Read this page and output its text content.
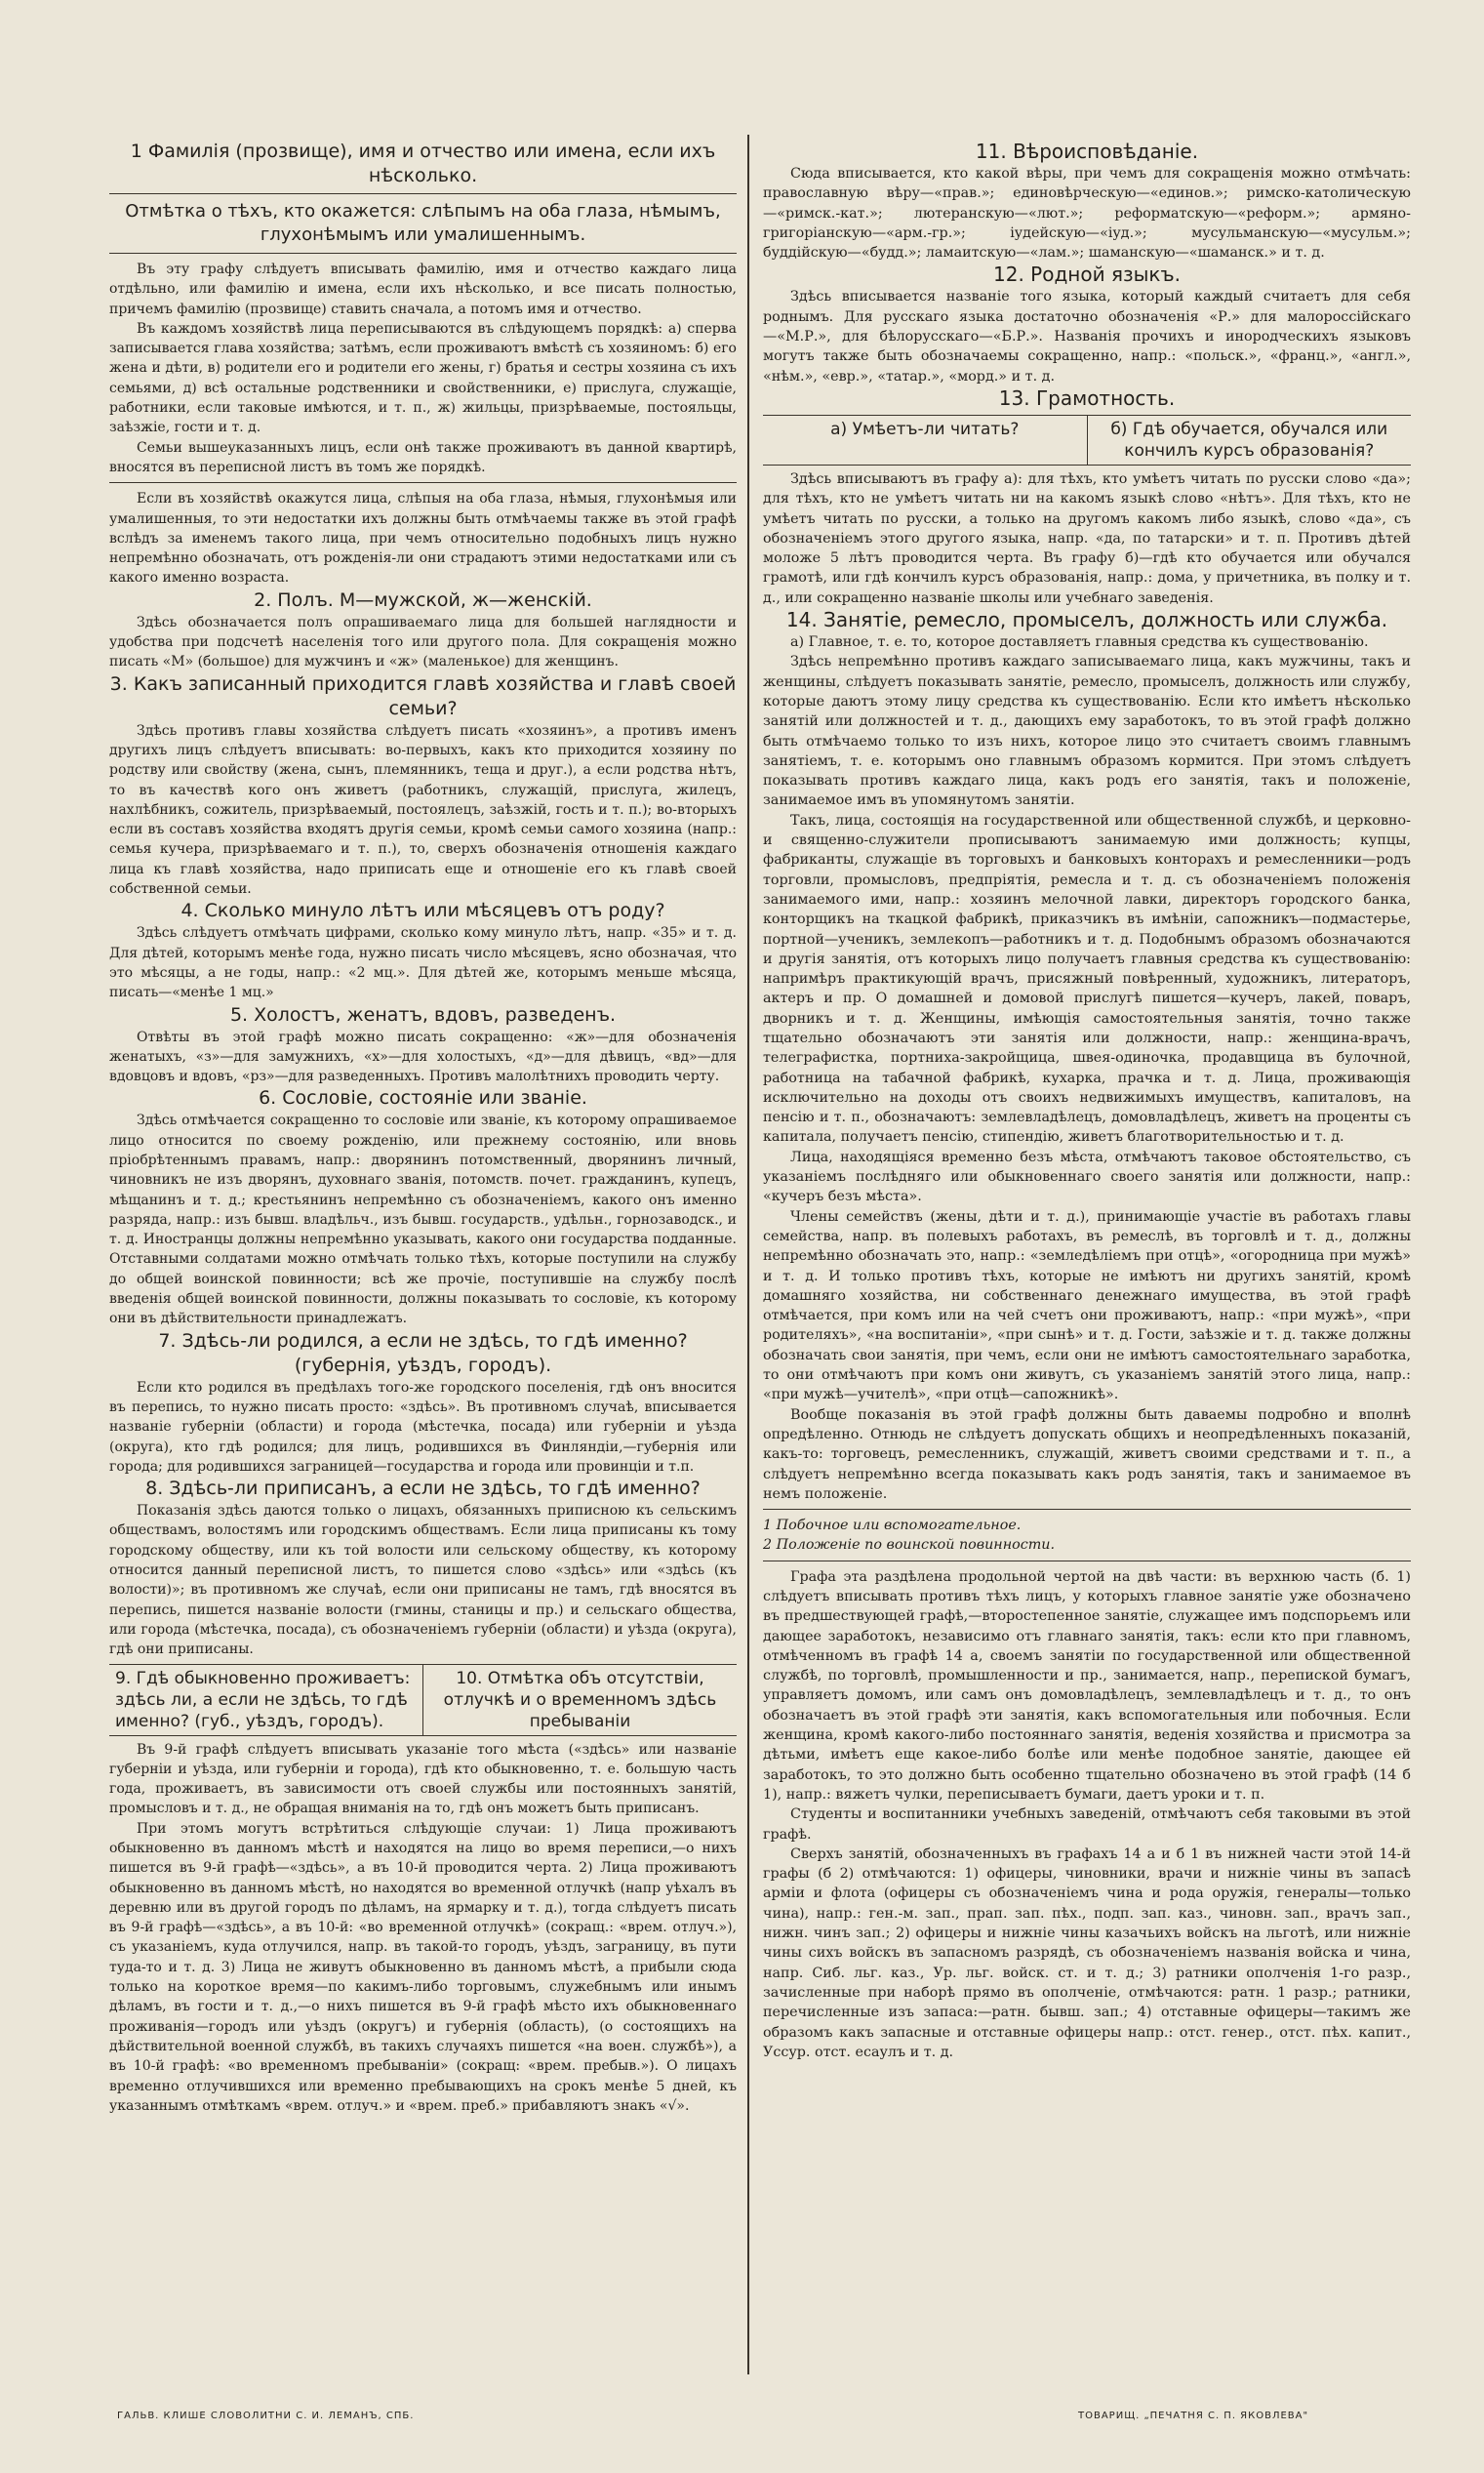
1 Фамилія (прозвище), имя и отчество или имена, если ихъ нѣсколько.
Отмѣтка о тѣхъ, кто окажется: слѣпымъ на оба глаза, нѣмымъ, глухонѣмымъ или умалишеннымъ.

Въ эту графу слѣдуетъ вписывать фамилію, имя и отчество каждаго лица отдѣльно, или фамилію и имена, если ихъ нѣсколько, и все писать полностью, причемъ фамилію (прозвище) ставить сначала, а потомъ имя и отчество.

Въ каждомъ хозяйствѣ лица переписываются въ слѣдующемъ порядкѣ: а) сперва записывается глава хозяйства; затѣмъ, если проживаютъ вмѣстѣ съ хозяиномъ: б) его жена и дѣти, в) родители его и родители его жены, г) братья и сестры хозяина съ ихъ семьями, д) всѣ остальные родственники и свойственники, е) прислуга, служащіе, работники, если таковые имѣются, и т. п., ж) жильцы, призрѣваемые, постояльцы, заѣзжіе, гости и т. д.

Семьи вышеуказанныхъ лицъ, если онѣ также проживаютъ въ данной квартирѣ, вносятся въ переписной листъ въ томъ же порядкѣ.

Если въ хозяйствѣ окажутся лица, слѣпыя на оба глаза, нѣмыя, глухонѣмыя или умалишенныя, то эти недостатки ихъ должны быть отмѣчаемы также въ этой графѣ вслѣдъ за именемъ такого лица, при чемъ относительно подобныхъ лицъ нужно непремѣнно обозначать, отъ рожденія-ли они страдаютъ этими недостатками или съ какого именно возраста.

2. Полъ. М—мужской, ж—женскій.

Здѣсь обозначается полъ опрашиваемаго лица для большей наглядности и удобства при подсчетѣ населенія того или другого пола. Для сокращенія можно писать «М» (большое) для мужчинъ и «ж» (маленькое) для женщинъ.

3. Какъ записанный приходится главѣ хозяйства и главѣ своей семьи?

Здѣсь противъ главы хозяйства слѣдуетъ писать «хозяинъ», а противъ именъ другихъ лицъ слѣдуетъ вписывать: во-первыхъ, какъ кто приходится хозяину по родству или свойству (жена, сынъ, племянникъ, теща и друг.), а если родства нѣтъ, то въ качествѣ кого онъ живетъ (работникъ, служащій, прислуга, жилецъ, нахлѣбникъ, сожитель, призрѣваемый, постоялецъ, заѣзжій, гость и т. п.); во-вторыхъ если въ составъ хозяйства входятъ другія семьи, кромѣ семьи самого хозяина (напр.: семья кучера, призрѣваемаго и т. п.), то, сверхъ обозначенія отношенія каждаго лица къ главѣ хозяйства, надо приписать еще и отношеніе его къ главѣ своей собственной семьи.

4. Сколько минуло лѣтъ или мѣсяцевъ отъ роду?

Здѣсь слѣдуетъ отмѣчать цифрами, сколько кому минуло лѣтъ, напр. «35» и т. д. Для дѣтей, которымъ менѣе года, нужно писать число мѣсяцевъ, ясно обозначая, что это мѣсяцы, а не годы, напр.: «2 мц.». Для дѣтей же, которымъ меньше мѣсяца, писать—«менѣе 1 мц.»

5. Холостъ, женатъ, вдовъ, разведенъ.

Отвѣты въ этой графѣ можно писать сокращенно: «ж»—для обозначенія женатыхъ, «з»—для замужнихъ, «х»—для холостыхъ, «д»—для дѣвицъ, «вд»—для вдовцовъ и вдовъ, «рз»—для разведенныхъ. Противъ малолѣтнихъ проводить черту.

6. Сословіе, состояніе или званіе.

Здѣсь отмѣчается сокращенно то сословіе или званіе, къ которому опрашиваемое лицо относится по своему рожденію, или прежнему состоянію, или вновь пріобрѣтеннымъ правамъ, напр.: дворянинъ потомственный, дворянинъ личный, чиновникъ не изъ дворянъ, духовнаго званія, потомств. почет. гражданинъ, купецъ, мѣщанинъ и т. д.; крестьянинъ непремѣнно съ обозначеніемъ, какого онъ именно разряда, напр.: изъ бывш. владѣльч., изъ бывш. государств., удѣльн., горнозаводск., и т. д. Иностранцы должны непремѣнно указывать, какого они государства подданные. Отставными солдатами можно отмѣчать только тѣхъ, которые поступили на службу до общей воинской повинности; всѣ же прочіе, поступившіе на службу послѣ введенія общей воинской повинности, должны показывать то сословіе, къ которому они въ дѣйствительности принадлежатъ.

7. Здѣсь-ли родился, а если не здѣсь, то гдѣ именно? (губернія, уѣздъ, городъ).

Если кто родился въ предѣлахъ того-же городского поселенія, гдѣ онъ вносится въ перепись, то нужно писать просто: «здѣсь». Въ противномъ случаѣ, вписывается названіе губерніи (области) и города (мѣстечка, посада) или губерніи и уѣзда (округа), кто гдѣ родился; для лицъ, родившихся въ Финляндіи,—губернія или города; для родившихся заграницей—государства и города или провинціи и т.п.

8. Здѣсь-ли приписанъ, а если не здѣсь, то гдѣ именно?

Показанія здѣсь даются только о лицахъ, обязанныхъ приписною къ сельскимъ обществамъ, волостямъ или городскимъ обществамъ. Если лица приписаны къ тому городскому обществу, или къ той волости или сельскому обществу, къ которому относится данный переписной листъ, то пишется слово «здѣсь» или «здѣсь (къ волости)»; въ противномъ же случаѣ, если они приписаны не тамъ, гдѣ вносятся въ перепись, пишется названіе волости (гмины, станицы и пр.) и сельскаго общества, или города (мѣстечка, посада), съ обозначеніемъ губерніи (области) и уѣзда (округа), гдѣ они приписаны.

9. Гдѣ обыкновенно проживаетъ: здѣсь ли, а если не здѣсь, то гдѣ именно? (губ., уѣздъ, городъ).
10. Отмѣтка объ отсутствіи, отлучкѣ и о временномъ здѣсь пребываніи

Въ 9-й графѣ слѣдуетъ вписывать указаніе того мѣста («здѣсь» или названіе губерніи и уѣзда, или губерніи и города), гдѣ кто обыкновенно, т. е. большую часть года, проживаетъ, въ зависимости отъ своей службы или постоянныхъ занятій, промысловъ и т. д., не обращая вниманія на то, гдѣ онъ можетъ быть приписанъ.

При этомъ могутъ встрѣтиться слѣдующіе случаи: 1) Лица проживаютъ обыкновенно въ данномъ мѣстѣ и находятся на лицо во время переписи,—о нихъ пишется въ 9-й графѣ—«здѣсь», а въ 10-й проводится черта. 2) Лица проживаютъ обыкновенно въ данномъ мѣстѣ, но находятся во временной отлучкѣ (напр уѣхалъ въ деревню или въ другой городъ по дѣламъ, на ярмарку и т. д.), тогда слѣдуетъ писать въ 9-й графѣ—«здѣсь», а въ 10-й: «во временной отлучкѣ» (сокращ.: «врем. отлуч.»), съ указаніемъ, куда отлучился, напр. въ такой-то городъ, уѣздъ, заграницу, въ пути туда-то и т. д. 3) Лица не живутъ обыкновенно въ данномъ мѣстѣ, а прибыли сюда только на короткое время—по какимъ-либо торговымъ, служебнымъ или инымъ дѣламъ, въ гости и т. д.,—о нихъ пишется въ 9-й графѣ мѣсто ихъ обыкновеннаго проживанія—городъ или уѣздъ (округъ) и губернія (область), (о состоящихъ на дѣйствительной военной службѣ, въ такихъ случаяхъ пишется «на воен. службѣ»), а въ 10-й графѣ: «во временномъ пребываніи» (сокращ: «врем. пребыв.»). О лицахъ временно отлучившихся или временно пребывающихъ на срокъ менѣе 5 дней, къ указаннымъ отмѣткамъ «врем. отлуч.» и «врем. преб.» прибавляютъ знакъ «√».

11. Вѣроисповѣданіе.

Сюда вписывается, кто какой вѣры, при чемъ для сокращенія можно отмѣчать: православную вѣру—«прав.»; единовѣрческую—«единов.»; римско-католическую—«римск.-кат.»; лютеранскую—«лют.»; реформатскую—«реформ.»; армяно-григоріанскую—«арм.-гр.»; іудейскую—«іуд.»; мусульманскую—«мусульм.»; буддійскую—«будд.»; ламаитскую—«лам.»; шаманскую—«шаманск.» и т. д.

12. Родной языкъ.

Здѣсь вписывается названіе того языка, который каждый считаетъ для себя роднымъ. Для русскаго языка достаточно обозначенія «Р.» для малороссійскаго—«М.Р.», для бѣлорусскаго—«Б.Р.». Названія прочихъ и инородческихъ языковъ могутъ также быть обозначаемы сокращенно, напр.: «польск.», «франц.», «англ.», «нѣм.», «евр.», «татар.», «морд.» и т. д.

13. Грамотность.
а) Умѣетъ-ли читать?	б) Гдѣ обучается, обучался или кончилъ курсъ образованія?

Здѣсь вписываютъ въ графу а): для тѣхъ, кто умѣетъ читать по русски слово «да»; для тѣхъ, кто не умѣетъ читать ни на какомъ языкѣ слово «нѣтъ». Для тѣхъ, кто не умѣетъ читать по русски, а только на другомъ какомъ либо языкѣ, слово «да», съ обозначеніемъ этого другого языка, напр. «да, по татарски» и т. п. Противъ дѣтей моложе 5 лѣтъ проводится черта. Въ графу б)—гдѣ кто обучается или обучался грамотѣ, или гдѣ кончилъ курсъ образованія, напр.: дома, у причетника, въ полку и т. д., или сокращенно названіе школы или учебнаго заведенія.

14. Занятіе, ремесло, промыселъ, должность или служба.

а) Главное, т. е. то, которое доставляетъ главныя средства къ существованію.

Здѣсь непремѣнно противъ каждаго записываемаго лица, какъ мужчины, такъ и женщины, слѣдуетъ показывать занятіе, ремесло, промыселъ, должность или службу, которые даютъ этому лицу средства къ существованію. Если кто имѣетъ нѣсколько занятій или должностей и т. д., дающихъ ему заработокъ, то въ этой графѣ должно быть отмѣчаемо только то изъ нихъ, которое лицо это считаетъ своимъ главнымъ занятіемъ, т. е. которымъ оно главнымъ образомъ кормится. При этомъ слѣдуетъ показывать противъ каждаго лица, какъ родъ его занятія, такъ и положеніе, занимаемое имъ въ упомянутомъ занятіи.

Такъ, лица, состоящія на государственной или общественной службѣ, и церковно-и священно-служители прописываютъ занимаемую ими должность; купцы, фабриканты, служащіе въ торговыхъ и банковыхъ конторахъ и ремесленники—родъ торговли, промысловъ, предпріятія, ремесла и т. д. съ обозначеніемъ положенія занимаемого ими, напр.: хозяинъ мелочной лавки, директоръ городского банка, конторщикъ на ткацкой фабрикѣ, приказчикъ въ имѣніи, сапожникъ—подмастерье, портной—ученикъ, землекопъ—работникъ и т. д. Подобнымъ образомъ обозначаются и другія занятія, отъ которыхъ лицо получаетъ главныя средства къ существованію: напримѣръ практикующій врачъ, присяжный повѣренный, художникъ, литераторъ, актеръ и пр. О домашней и домовой прислугѣ пишется—кучеръ, лакей, поваръ, дворникъ и т. д. Женщины, имѣющія самостоятельныя занятія, точно также тщательно обозначаютъ эти занятія или должности, напр.: женщина-врачъ, телеграфистка, портниха-закройщица, швея-одиночка, продавщица въ булочной, работница на табачной фабрикѣ, кухарка, прачка и т. д. Лица, проживающія исключительно на доходы отъ своихъ недвижимыхъ имуществъ, капиталовъ, на пенсію и т. п., обозначаютъ: землевладѣлецъ, домовладѣлецъ, живетъ на проценты съ капитала, получаетъ пенсію, стипендію, живетъ благотворительностью и т. д.

Лица, находящіяся временно безъ мѣста, отмѣчаютъ таковое обстоятельство, съ указаніемъ послѣдняго или обыкновеннаго своего занятія или должности, напр.: «кучеръ безъ мѣста».

Члены семействъ (жены, дѣти и т. д.), принимающіе участіе въ работахъ главы семейства, напр. въ полевыхъ работахъ, въ ремеслѣ, въ торговлѣ и т. д., должны непремѣнно обозначать это, напр.: «земледѣліемъ при отцѣ», «огородница при мужѣ» и т. д. И только противъ тѣхъ, которые не имѣютъ ни другихъ занятій, кромѣ домашняго хозяйства, ни собственнаго денежнаго имущества, въ этой графѣ отмѣчается, при комъ или на чей счетъ они проживаютъ, напр.: «при мужѣ», «при родителяхъ», «на воспитаніи», «при сынѣ» и т. д. Гости, заѣзжіе и т. д. также должны обозначать свои занятія, при чемъ, если они не имѣютъ самостоятельнаго заработка, то они отмѣчаютъ при комъ они живутъ, съ указаніемъ занятій этого лица, напр.: «при мужѣ—учителѣ», «при отцѣ—сапожникѣ».

Вообще показанія въ этой графѣ должны быть даваемы подробно и вполнѣ опредѣленно. Отнюдь не слѣдуетъ допускать общихъ и неопредѣленныхъ показаній, какъ-то: торговецъ, ремесленникъ, служащій, живетъ своими средствами и т. п., а слѣдуетъ непремѣнно всегда показывать какъ родъ занятія, такъ и занимаемое въ немъ положеніе.

1 Побочное или вспомогательное.

2 Положеніе по воинской повинности.

Графа эта раздѣлена продольной чертой на двѣ части: въ верхнюю часть (б. 1) слѣдуетъ вписывать противъ тѣхъ лицъ, у которыхъ главное занятіе уже обозначено въ предшествующей графѣ,—второстепенное занятіе, служащее имъ подспорьемъ или дающее заработокъ, независимо отъ главнаго занятія, такъ: если кто при главномъ, отмѣченномъ въ графѣ 14 а, своемъ занятіи по государственной или общественной службѣ, по торговлѣ, промышленности и пр., занимается, напр., перепиской бумагъ, управляетъ домомъ, или самъ онъ домовладѣлецъ, землевладѣлецъ и т. д., то онъ обозначаетъ въ этой графѣ эти занятія, какъ вспомогательныя или побочныя. Если женщина, кромѣ какого-либо постояннаго занятія, веденія хозяйства и присмотра за дѣтьми, имѣетъ еще какое-либо болѣе или менѣе подобное занятіе, дающее ей заработокъ, то это должно быть особенно тщательно обозначено въ этой графѣ (14 б 1), напр.: вяжетъ чулки, переписываетъ бумаги, даетъ уроки и т. п.

Студенты и воспитанники учебныхъ заведеній, отмѣчаютъ себя таковыми въ этой графѣ.

Сверхъ занятій, обозначенныхъ въ графахъ 14 а и б 1 въ нижней части этой 14-й графы (б 2) отмѣчаются: 1) офицеры, чиновники, врачи и нижніе чины въ запасѣ арміи и флота (офицеры съ обозначеніемъ чина и рода оружія, генералы—только чина), напр.: ген.-м. зап., прап. зап. пѣх., подп. зап. каз., чиновн. зап., врачъ зап., нижн. чинъ зап.; 2) офицеры и нижніе чины казачьихъ войскъ на льготѣ, или нижніе чины сихъ войскъ въ запасномъ разрядѣ, съ обозначеніемъ названія войска и чина, напр. Сиб. льг. каз., Ур. льг. войск. ст. и т. д.; 3) ратники ополченія 1-го разр., зачисленные при наборѣ прямо въ ополченіе, отмѣчаются: ратн. 1 разр.; ратники, перечисленные изъ запаса:—ратн. бывш. зап.; 4) отставные офицеры—такимъ же образомъ какъ запасные и отставные офицеры напр.: отст. генер., отст. пѣх. капит., Уссур. отст. есаулъ и т. д.

ГАЛЬВ. КЛИШЕ СЛОВОЛИТНИ С. И. ЛЕМАНЪ, СПБ.	ТОВАРИЩ. „ПЕЧАТНЯ С. П. ЯКОВЛЕВА"
